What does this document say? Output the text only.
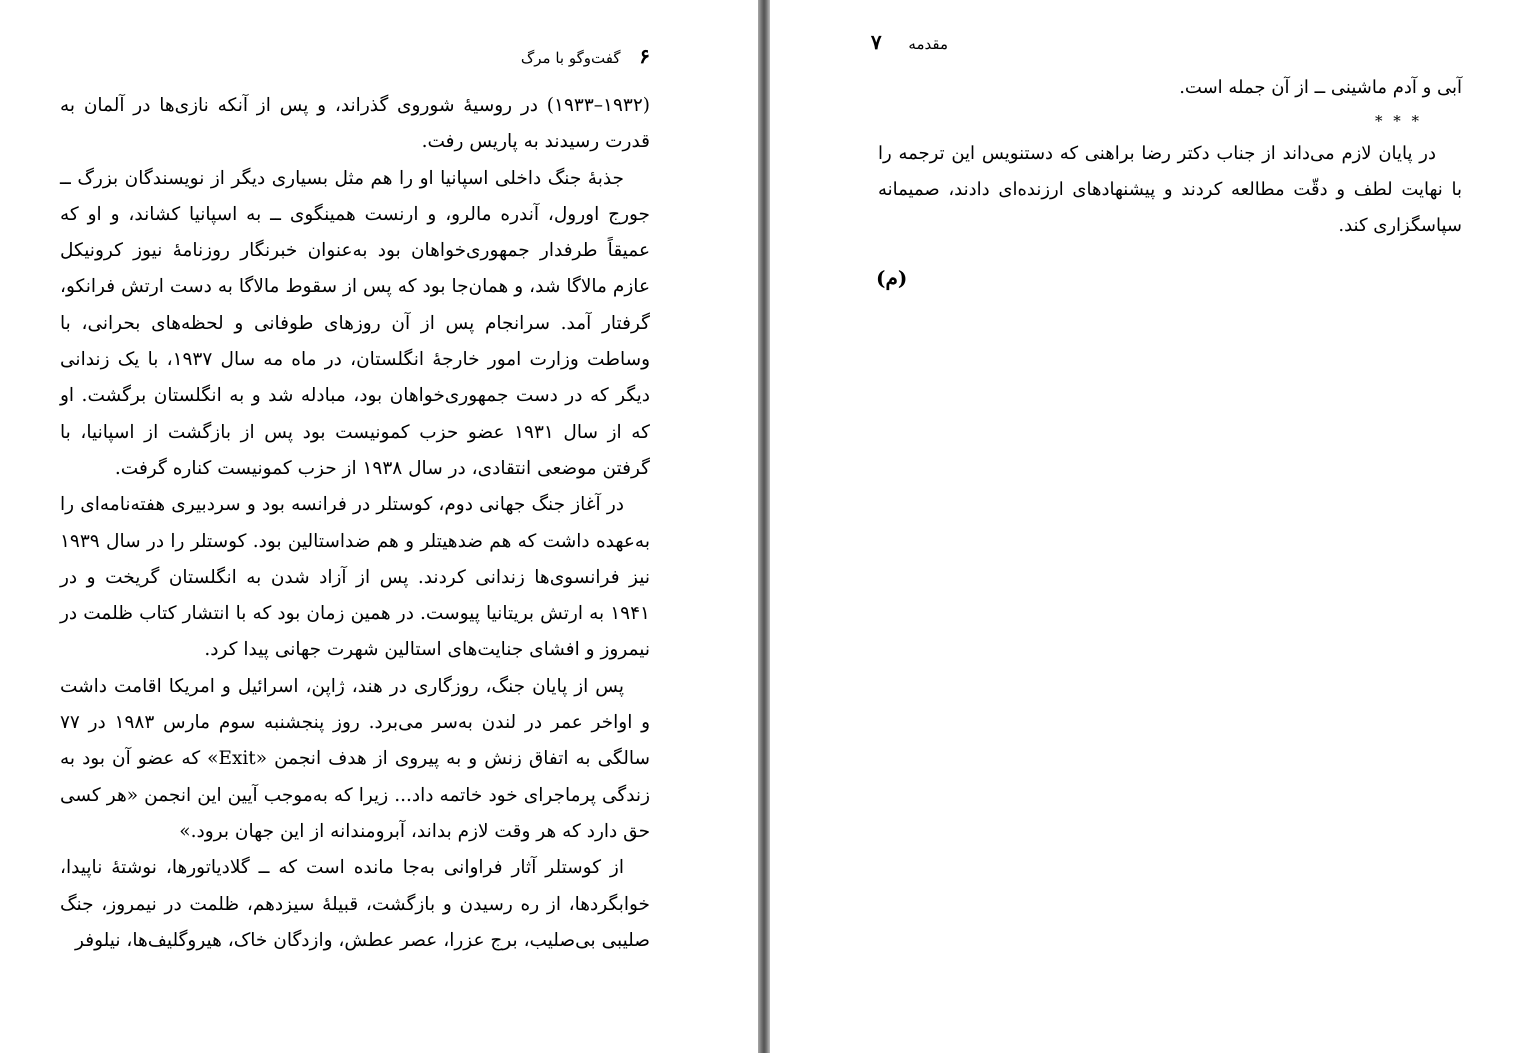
۶ گفت‌وگو با مرگ

(۱۹۳۲–۱۹۳۳) در روسیهٔ شوروی گذراند، و پس از آنکه نازی‌ها در آلمان به قدرت رسیدند به پاریس رفت.

جذبهٔ جنگ داخلی اسپانیا او را هم مثل بسیاری دیگر از نویسندگان بزرگ ــ جورج اورول، آندره مالرو، و ارنست همینگوی ــ به اسپانیا کشاند، و او که عمیقاً طرفدار جمهوری‌خواهان بود به‌عنوان خبرنگار روزنامهٔ نیوز کرونیکل عازم مالاگا شد، و همان‌جا بود که پس از سقوط مالاگا به دست ارتش فرانکو، گرفتار آمد. سرانجام پس از آن روزهای طوفانی و لحظه‌های بحرانی، با وساطت وزارت امور خارجهٔ انگلستان، در ماه مه سال ۱۹۳۷، با یک زندانی دیگر که در دست جمهوری‌خواهان بود، مبادله شد و به انگلستان برگشت. او که از سال ۱۹۳۱ عضو حزب کمونیست بود پس از بازگشت از اسپانیا، با گرفتن موضعی انتقادی، در سال ۱۹۳۸ از حزب کمونیست کناره گرفت.

در آغاز جنگ جهانی دوم، کوستلر در فرانسه بود و سردبیری هفته‌نامه‌ای را به‌عهده داشت که هم ضدهیتلر و هم ضداستالین بود. کوستلر را در سال ۱۹۳۹ نیز فرانسوی‌ها زندانی کردند. پس از آزاد شدن به انگلستان گریخت و در ۱۹۴۱ به ارتش بریتانیا پیوست. در همین زمان بود که با انتشار کتاب ظلمت در نیمروز و افشای جنایت‌های استالین شهرت جهانی پیدا کرد.

پس از پایان جنگ، روزگاری در هند، ژاپن، اسرائیل و امریکا اقامت داشت و اواخر عمر در لندن به‌سر می‌برد. روز پنجشنبه سوم مارس ۱۹۸۳ در ۷۷ سالگی به اتفاق زنش و به پیروی از هدف انجمن «Exit» که عضو آن بود به زندگی پرماجرای خود خاتمه داد... زیرا که به‌موجب آیین این انجمن «هر کسی حق دارد که هر وقت لازم بداند، آبرومندانه از این جهان برود.»

از کوستلر آثار فراوانی به‌جا مانده است که ــ گلادیاتورها، نوشتهٔ ناپیدا، خوابگردها، از ره رسیدن و بازگشت، قبیلهٔ سیزدهم، ظلمت در نیمروز، جنگ صلیبی بی‌صلیب، برج عزرا، عصر عطش، وازدگان خاک، هیروگلیف‌ها، نیلوفر

مقدمه ۷

آبی و آدم ماشینی ــ از آن جمله است.

* * *

در پایان لازم می‌داند از جناب دکتر رضا براهنی که دستنویس این ترجمه را با نهایت لطف و دقّت مطالعه کردند و پیشنهادهای ارزنده‌ای دادند، صمیمانه سپاسگزاری کند.

(م)
